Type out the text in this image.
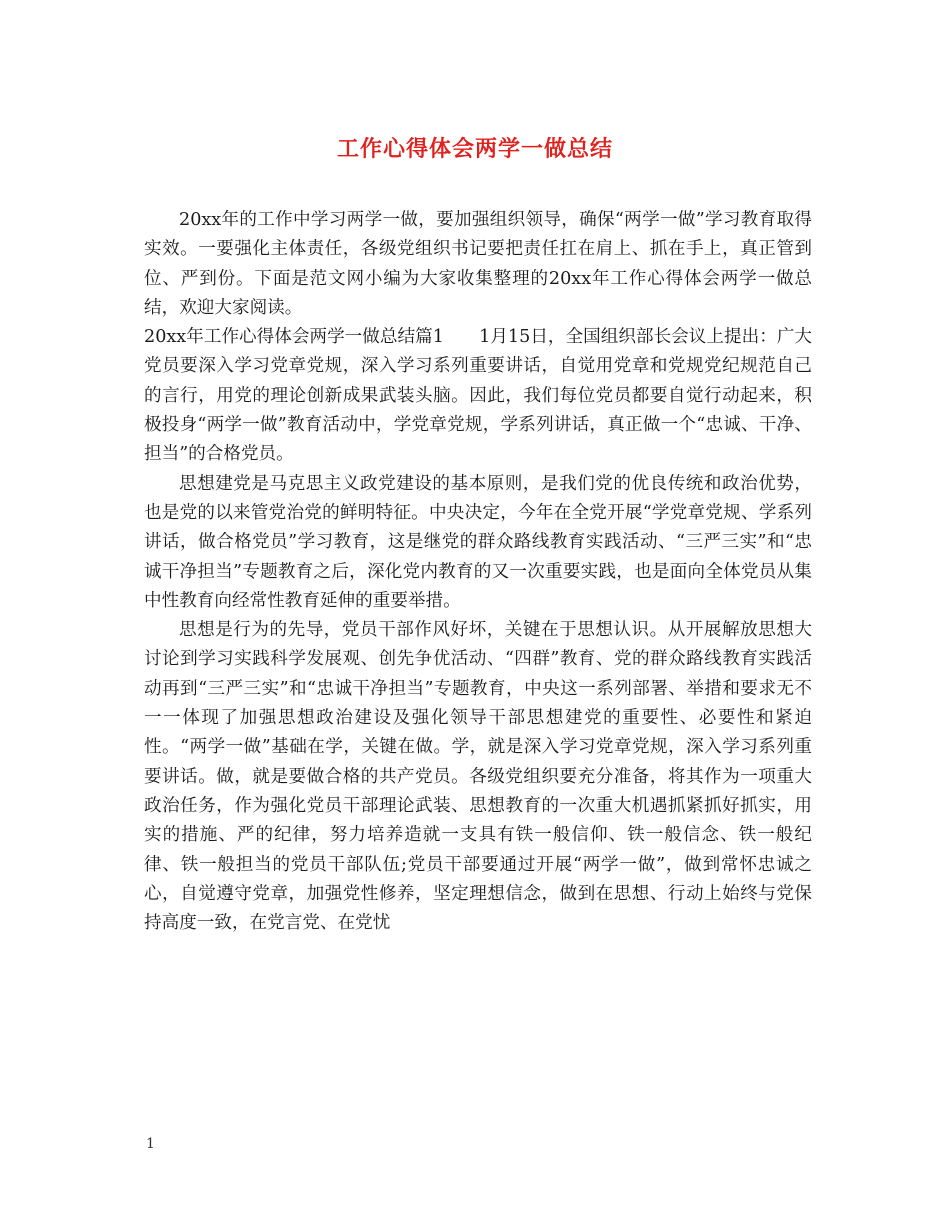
工作心得体会两学一做总结

20xx年的工作中学习两学一做，要加强组织领导，确保“两学一做”学习教育取得实效。一要强化主体责任，各级党组织书记要把责任扛在肩上、抓在手上，真正管到位、严到份。下面是范文网小编为大家收集整理的20xx年工作心得体会两学一做总结，欢迎大家阅读。

20xx年工作心得体会两学一做总结篇1　　1月15日，全国组织部长会议上提出：广大党员要深入学习党章党规，深入学习系列重要讲话，自觉用党章和党规党纪规范自己的言行，用党的理论创新成果武装头脑。因此，我们每位党员都要自觉行动起来，积极投身“两学一做”教育活动中，学党章党规，学系列讲话，真正做一个“忠诚、干净、担当”的合格党员。

思想建党是马克思主义政党建设的基本原则，是我们党的优良传统和政治优势，也是党的以来管党治党的鲜明特征。中央决定，今年在全党开展“学党章党规、学系列讲话，做合格党员”学习教育，这是继党的群众路线教育实践活动、“三严三实”和“忠诚干净担当”专题教育之后，深化党内教育的又一次重要实践，也是面向全体党员从集中性教育向经常性教育延伸的重要举措。

思想是行为的先导，党员干部作风好坏，关键在于思想认识。从开展解放思想大讨论到学习实践科学发展观、创先争优活动、“四群”教育、党的群众路线教育实践活动再到“三严三实”和“忠诚干净担当”专题教育，中央这一系列部署、举措和要求无不一一体现了加强思想政治建设及强化领导干部思想建党的重要性、必要性和紧迫性。“两学一做”基础在学，关键在做。学，就是深入学习党章党规，深入学习系列重要讲话。做，就是要做合格的共产党员。各级党组织要充分准备，将其作为一项重大政治任务，作为强化党员干部理论武装、思想教育的一次重大机遇抓紧抓好抓实，用实的措施、严的纪律，努力培养造就一支具有铁一般信仰、铁一般信念、铁一般纪律、铁一般担当的党员干部队伍;党员干部要通过开展“两学一做”，做到常怀忠诚之心，自觉遵守党章，加强党性修养，坚定理想信念，做到在思想、行动上始终与党保持高度一致，在党言党、在党忧

1
